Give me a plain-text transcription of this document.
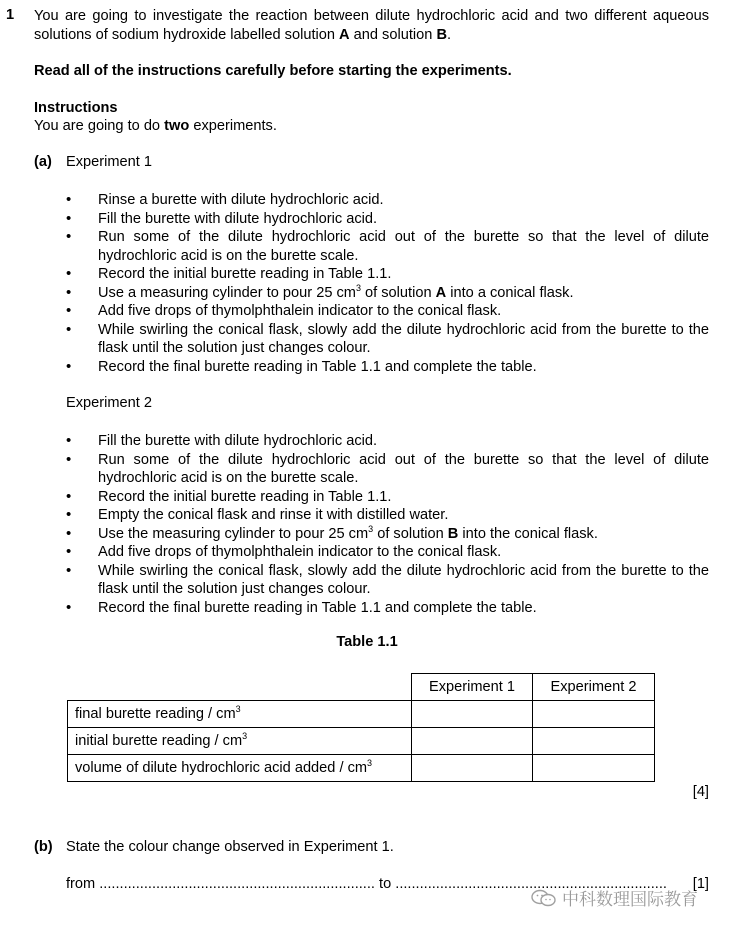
1 You are going to investigate the reaction between dilute hydrochloric acid and two different aqueous solutions of sodium hydroxide labelled solution A and solution B.
Read all of the instructions carefully before starting the experiments.
Instructions
You are going to do two experiments.
(a) Experiment 1
• Rinse a burette with dilute hydrochloric acid.
• Fill the burette with dilute hydrochloric acid.
• Run some of the dilute hydrochloric acid out of the burette so that the level of dilute hydrochloric acid is on the burette scale.
• Record the initial burette reading in Table 1.1.
• Use a measuring cylinder to pour 25 $cm^3$ of solution A into a conical flask.
• Add five drops of thymolphthalein indicator to the conical flask.
• While swirling the conical flask, slowly add the dilute hydrochloric acid from the burette to the flask until the solution just changes colour.
• Record the final burette reading in Table 1.1 and complete the table.
Experiment 2
• Fill the burette with dilute hydrochloric acid.
• Run some of the dilute hydrochloric acid out of the burette so that the level of dilute hydrochloric acid is on the burette scale.
• Record the initial burette reading in Table 1.1.
• Empty the conical flask and rinse it with distilled water.
• Use the measuring cylinder to pour 25 $cm^3$ of solution B into the conical flask.
• Add five drops of thymolphthalein indicator to the conical flask.
• While swirling the conical flask, slowly add the dilute hydrochloric acid from the burette to the flask until the solution just changes colour.
• Record the final burette reading in Table 1.1 and complete the table.
Table 1.1
	Experiment 1	Experiment 2
final burette reading / $cm^3$		
initial burette reading / $cm^3$		
volume of dilute hydrochloric acid added / $cm^3$		
[4]
(b) State the colour change observed in Experiment 1.
from .................................................................... to ................................................................... [1]
中科数理国际教育
